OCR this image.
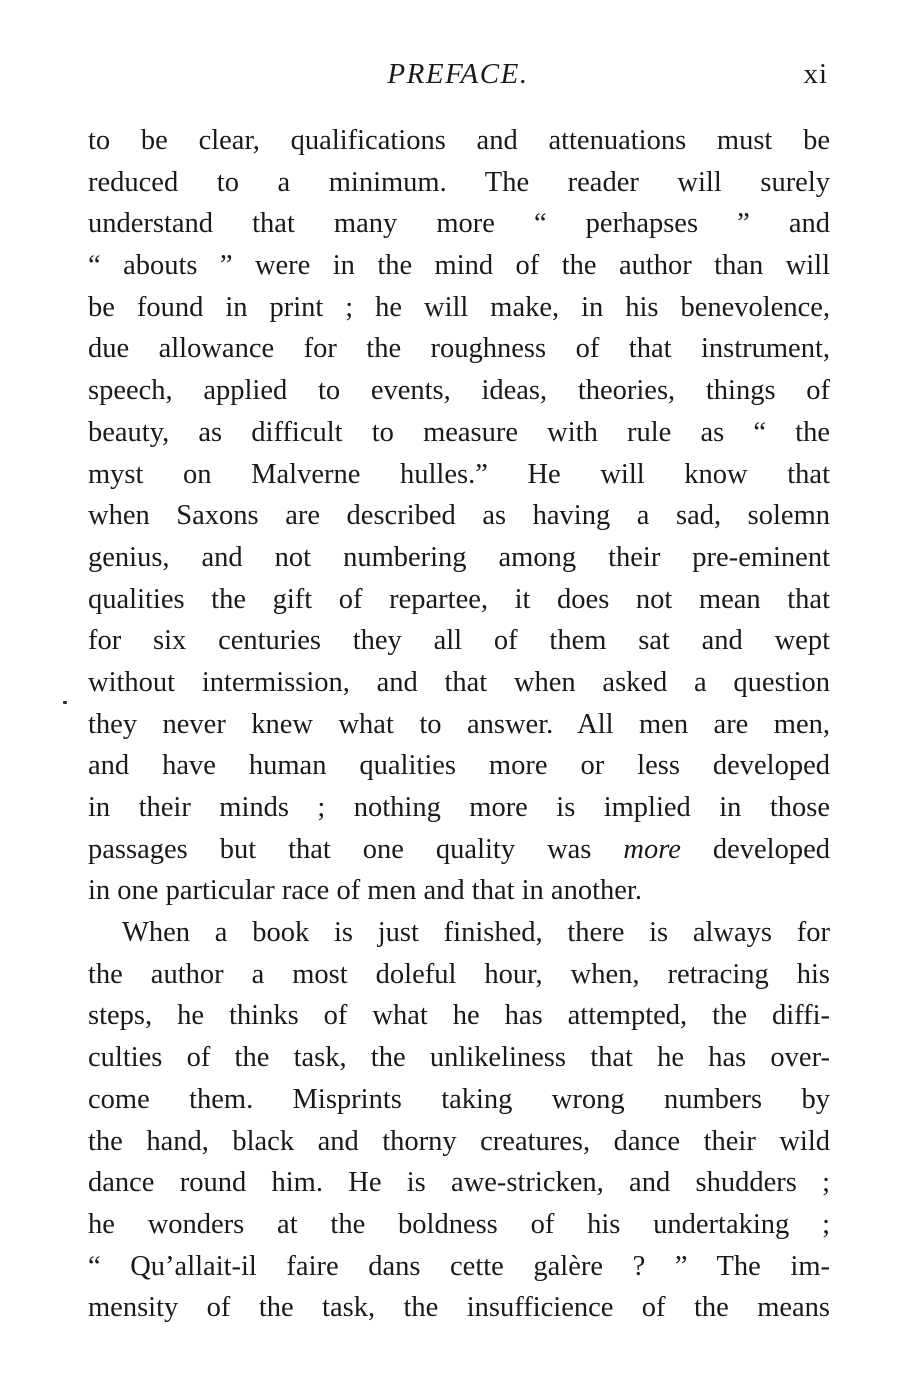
PREFACE.	xi
to be clear, qualifications and attenuations must be
reduced to a minimum. The reader will surely
understand that many more “ perhapses ” and
“ abouts ” were in the mind of the author than will
be found in print ; he will make, in his benevolence,
due allowance for the roughness of that instrument,
speech, applied to events, ideas, theories, things of
beauty, as difficult to measure with rule as “ the
myst on Malverne hulles.” He will know that
when Saxons are described as having a sad, solemn
genius, and not numbering among their pre-eminent
qualities the gift of repartee, it does not mean that
for six centuries they all of them sat and wept
without intermission, and that when asked a question
they never knew what to answer. All men are men,
and have human qualities more or less developed
in their minds ; nothing more is implied in those
passages but that one quality was more developed
in one particular race of men and that in another.
When a book is just finished, there is always for
the author a most doleful hour, when, retracing his
steps, he thinks of what he has attempted, the diffi-
culties of the task, the unlikeliness that he has over-
come them. Misprints taking wrong numbers by
the hand, black and thorny creatures, dance their wild
dance round him. He is awe-stricken, and shudders ;
he wonders at the boldness of his undertaking ;
“ Qu’allait-il faire dans cette galère ? ” The im-
mensity of the task, the insufficience of the means
